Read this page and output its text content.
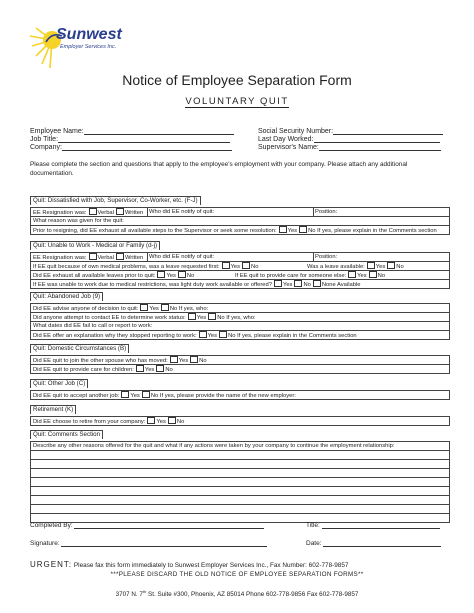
Sunwest
Employer Services Inc.
Notice of Employee Separation Form
VOLUNTARY QUIT
Employee Name:
Job Title:
Company:
Social Security Number:
Last Day Worked:
Supervisor's Name:
Please complete the section and questions that apply to the employee's employment with your company. Please attach any additional documentation.
Quit: Dissatisfied with Job, Supervisor, Co-Worker, etc. (F-J)
EE Resignation was: Verbal Written Who did EE notify of quit:	Position:
What reason was given for the quit:
Prior to resigning, did EE exhaust all available steps to the Supervisor or seek some resolution: Yes No If yes, please explain in the Comments section
Quit: Unable to Work - Medical or Family (d-j)
EE Resignation was: Verbal Written Who did EE notify of quit:	Position:
If EE quit because of own medical problems, was a leave requested first: Yes No	Was a leave available: Yes No
Did EE exhaust all available leaves prior to quit: Yes No	If EE quit to provide care for someone else: Yes No
If EE was unable to work due to medical restrictions, was light duty work available or offered? Yes No None Available
Quit: Abandoned Job (9)
Did EE advise anyone of decision to quit: Yes No If yes, who:
Did anyone attempt to contact EE to determine work status: Yes No If yes, who:
What dates did EE fail to call or report to work:
Did EE offer an explanation why they stopped reporting to work: Yes No If yes, please explain in the Comments section
Quit: Domestic Circumstances (B)
Did EE quit to join the other spouse who has moved: Yes No
Did EE quit to provide care for children: Yes No
Quit: Other Job (C)
Did EE quit to accept another job: Yes No If yes, please provide the name of the new employer:
Retirement (K)
Did EE choose to retire from your company: Yes No
Quit: Comments Section
Describe any other reasons offered for the quit and what if any actions were taken by your company to continue the employment relationship:
Completed By:	Title:
Signature:	Date:
URGENT: Please fax this form immediately to Sunwest Employer Services Inc., Fax Number: 602-778-9857
***PLEASE DISCARD THE OLD NOTICE OF EMPLOYEE SEPARATION FORMS**
3707 N. 7th St. Suite #300, Phoenix, AZ 85014 Phone 602-778-9856 Fax 602-778-9857
